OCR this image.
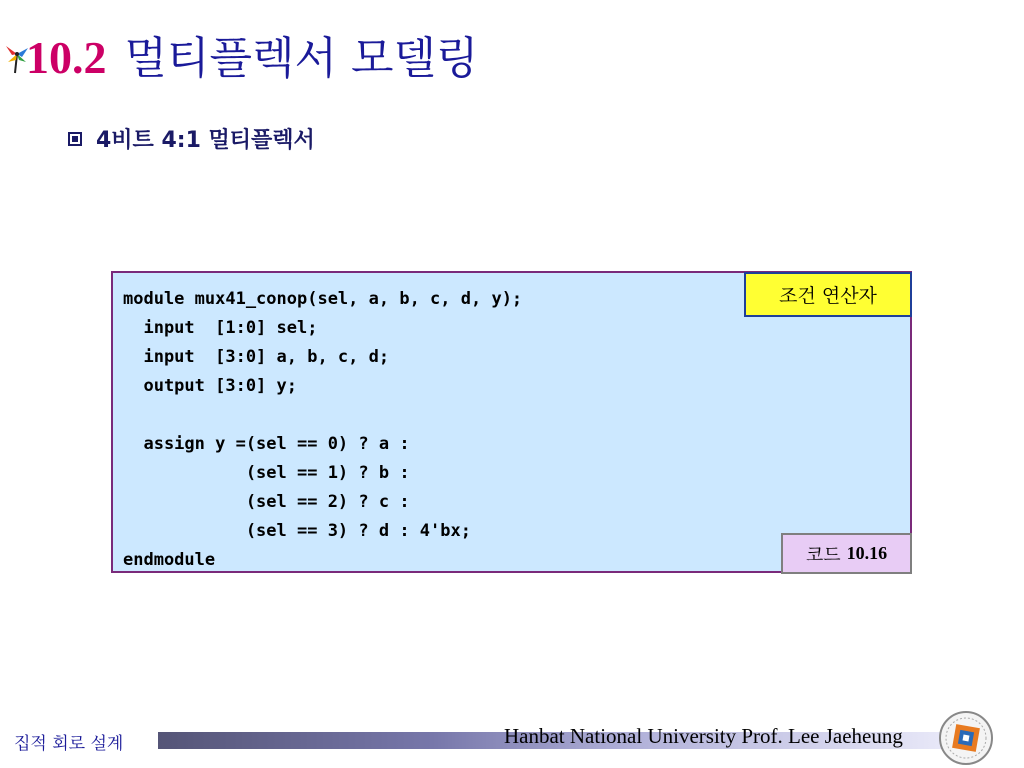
10.2 멀티플렉서 모델링
4비트 4:1 멀티플렉서
module mux41_conop(sel, a, b, c, d, y);
input  [1:0] sel;
input  [3:0] a, b, c, d;
output [3:0] y;

assign y =(sel == 0) ? a :
(sel == 1) ? b :
(sel == 2) ? c :
(sel == 3) ? d : 4'bx;
endmodule
조건 연산자
코드 10.16
집적 회로 설계	Hanbat National University Prof. Lee Jaeheung
